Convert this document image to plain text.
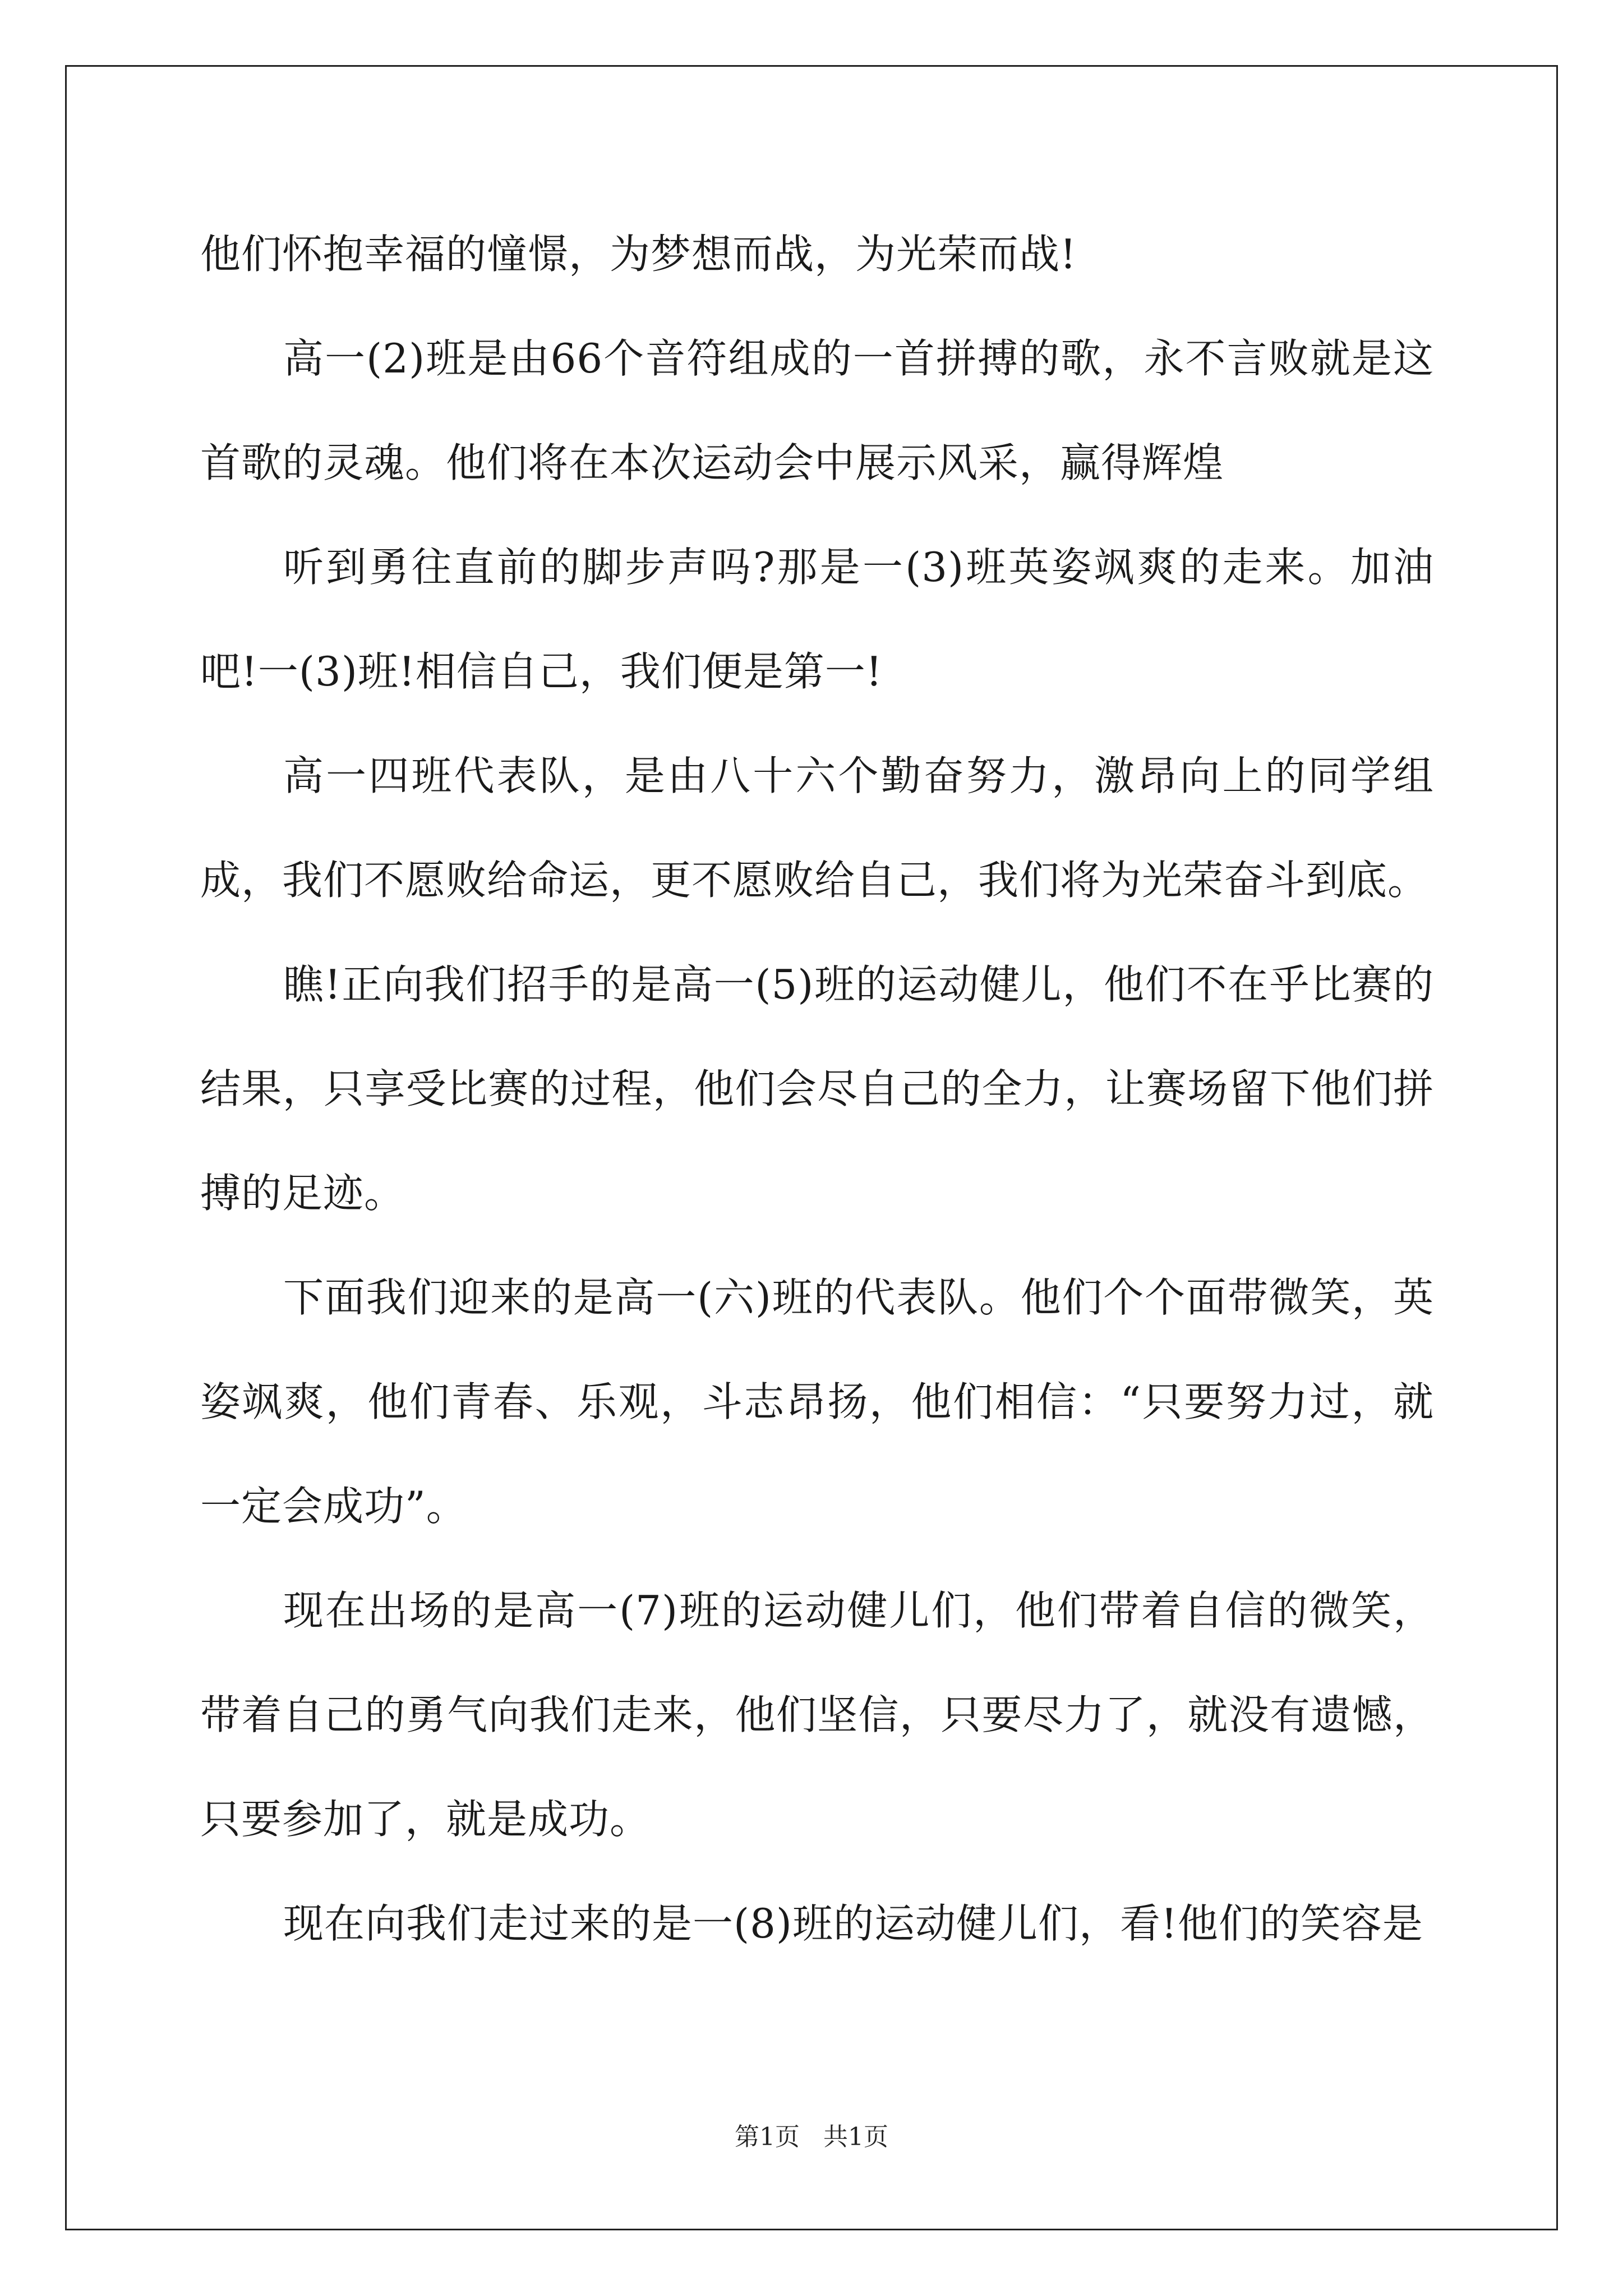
他们怀抱幸福的憧憬，为梦想而战，为光荣而战!

高一(2)班是由66个音符组成的一首拼搏的歌，永不言败就是这首歌的灵魂。他们将在本次运动会中展示风采，赢得辉煌

听到勇往直前的脚步声吗?那是一(3)班英姿飒爽的走来。加油吧!一(3)班!相信自己，我们便是第一!

高一四班代表队，是由八十六个勤奋努力，激昂向上的同学组成，我们不愿败给命运，更不愿败给自己，我们将为光荣奋斗到底。

瞧!正向我们招手的是高一(5)班的运动健儿，他们不在乎比赛的结果，只享受比赛的过程，他们会尽自己的全力，让赛场留下他们拼搏的足迹。

下面我们迎来的是高一(六)班的代表队。他们个个面带微笑，英姿飒爽，他们青春、乐观，斗志昂扬，他们相信：“只要努力过，就一定会成功”。

现在出场的是高一(7)班的运动健儿们，他们带着自信的微笑，带着自己的勇气向我们走来，他们坚信，只要尽力了，就没有遗憾，只要参加了，就是成功。

现在向我们走过来的是一(8)班的运动健儿们，看!他们的笑容是

第1页 共1页
